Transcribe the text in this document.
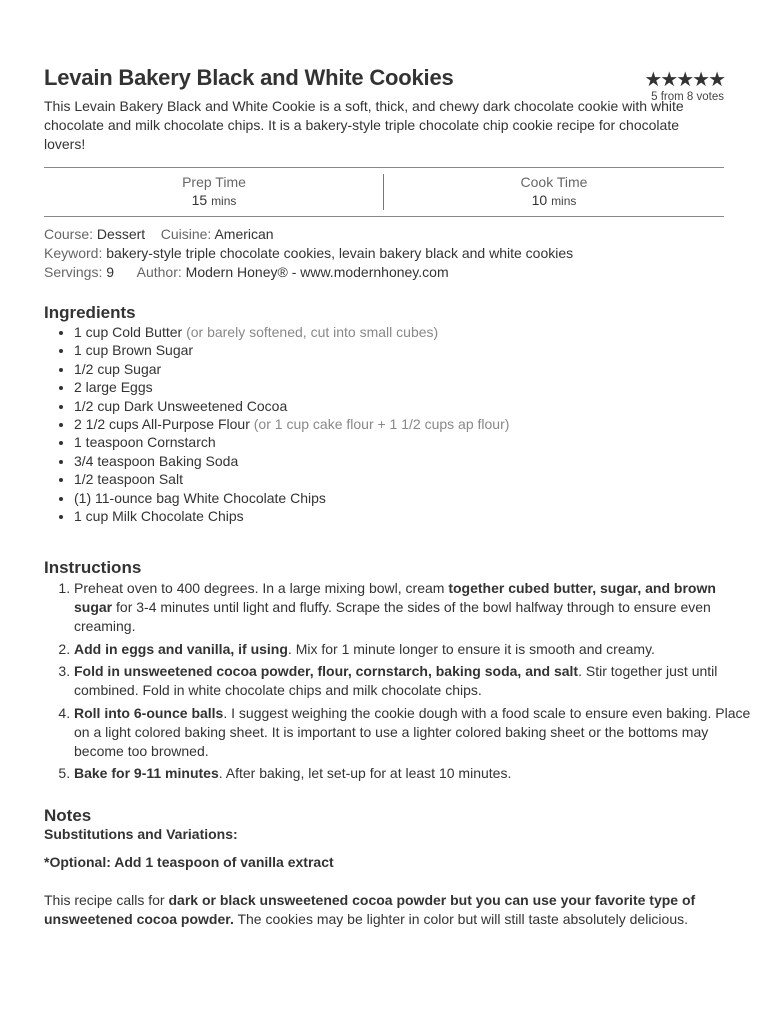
Levain Bakery Black and White Cookies	★★★★★
5 from 8 votes

This Levain Bakery Black and White Cookie is a soft, thick, and chewy dark chocolate cookie with white chocolate and milk chocolate chips. It is a bakery-style triple chocolate chip cookie recipe for chocolate lovers!

Prep Time
15 mins
Cook Time
10 mins
Course: Dessert Cuisine: American
Keyword: bakery-style triple chocolate cookies, levain bakery black and white cookies
Servings: 9 Author: Modern Honey® - www.modernhoney.com
Ingredients
• 1 cup Cold Butter (or barely softened, cut into small cubes)
• 1 cup Brown Sugar
• 1/2 cup Sugar
• 2 large Eggs
• 1/2 cup Dark Unsweetened Cocoa
• 2 1/2 cups All-Purpose Flour (or 1 cup cake flour + 1 1/2 cups ap flour)
• 1 teaspoon Cornstarch
• 3/4 teaspoon Baking Soda
• 1/2 teaspoon Salt
• (1) 11-ounce bag White Chocolate Chips
• 1 cup Milk Chocolate Chips
Instructions
1. Preheat oven to 400 degrees. In a large mixing bowl, cream together cubed butter, sugar, and brown sugar for 3-4 minutes until light and fluffy. Scrape the sides of the bowl halfway through to ensure even creaming.
2. Add in eggs and vanilla, if using. Mix for 1 minute longer to ensure it is smooth and creamy.
3. Fold in unsweetened cocoa powder, flour, cornstarch, baking soda, and salt. Stir together just until combined. Fold in white chocolate chips and milk chocolate chips.
4. Roll into 6-ounce balls. I suggest weighing the cookie dough with a food scale to ensure even baking. Place on a light colored baking sheet. It is important to use a lighter colored baking sheet or the bottoms may become too browned.
5. Bake for 9-11 minutes. After baking, let set-up for at least 10 minutes.
Notes

Substitutions and Variations:

*Optional: Add 1 teaspoon of vanilla extract

This recipe calls for dark or black unsweetened cocoa powder but you can use your favorite type of unsweetened cocoa powder. The cookies may be lighter in color but will still taste absolutely delicious.
